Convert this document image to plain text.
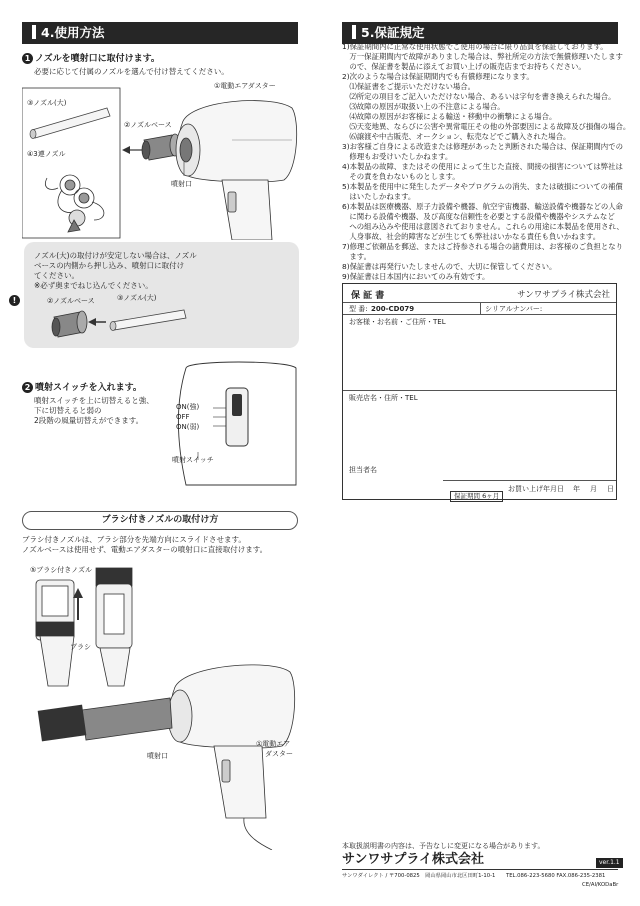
4.使用方法
1 ノズルを噴射口に取付けます。
必要に応じて付属のノズルを選んで付け替えてください。
①電動エアダスター
③ノズル(大)
②ノズルベース
④3連ノズル
噴射口
ノズル(大)の取付けが安定しない場合は、ノズル
ベースの内側から押し込み、噴射口に取付け
てください。
※必ず奥までねじ込んでください。
!	②ノズルベース	③ノズル(大)
2 噴射スイッチを入れます。
噴射スイッチを上に切替えると強、
下に切替えると弱の
2段階の風量切替えができます。
ON(強)
OFF
ON(弱)
噴射スイッチ
ブラシ付きノズルの取付け方
ブラシ付きノズルは、ブラシ部分を先端方向にスライドさせます。
ノズルベースは使用せず、電動エアダスターの噴射口に直接取付けます。
⑤ブラシ付きノズル
ブラシ
噴射口
①電動エア
ダスター
5.保証規定
1)保証期間内に正常な使用状態でご使用の場合に限り品質を保証しております。
　万一保証期間内で故障がありました場合は、弊社所定の方法で無償修理いたします
　ので、保証書を製品に添えてお買い上げの販売店までお持ちください。
2)次のような場合は保証期間内でも有償修理になります。
　⑴保証書をご提示いただけない場合。
　⑵所定の項目をご記入いただけない場合、あるいは字句を書き換えられた場合。
　⑶故障の原因が取扱い上の不注意による場合。
　⑷故障の原因がお客様による輸送・移動中の衝撃による場合。
　⑸天変地異、ならびに公害や異常電圧その他の外部要因による故障及び損傷の場合。
　⑹譲渡や中古販売、オークション、転売などでご購入された場合。
3)お客様ご自身による改造または修理があったと判断された場合は、保証期間内での
　修理もお受けいたしかねます。
4)本製品の故障、またはその使用によって生じた直接、間接の損害については弊社は
　その責を負わないものとします。
5)本製品を使用中に発生したデータやプログラムの消失、または破損についての補償
　はいたしかねます。
6)本製品は医療機器、原子力設備や機器、航空宇宙機器、輸送設備や機器などの人命
　に関わる設備や機器、及び高度な信頼性を必要とする設備や機器やシステムなど
　への組み込みや使用は意図されておりません。これらの用途に本製品を使用され、
　人身事故、社会的障害などが生じても弊社はいかなる責任も負いかねます。
7)修理ご依頼品を郵送、またはご持参される場合の諸費用は、お客様のご負担となり
　ます。
8)保証書は再発行いたしませんので、大切に保管してください。
9)保証書は日本国内においてのみ有効です。
保 証 書	サンワサプライ株式会社
型 番: 200-CD079	シリアルナンバー:
お客様・お名前・ご住所・TEL
販売店名・住所・TEL
担当者名
保証期間 6ヶ月
お買い上げ年月日 年 月 日
本取扱説明書の内容は、予告なしに変更になる場合があります。
サンワサプライ株式会社	ver.1.1
サンワダイレクト / 〒700-0825　岡山県岡山市北区田町1-10-1　　TEL.086-223-5680 FAX.086-235-2381
CE/AI/KODaBr
